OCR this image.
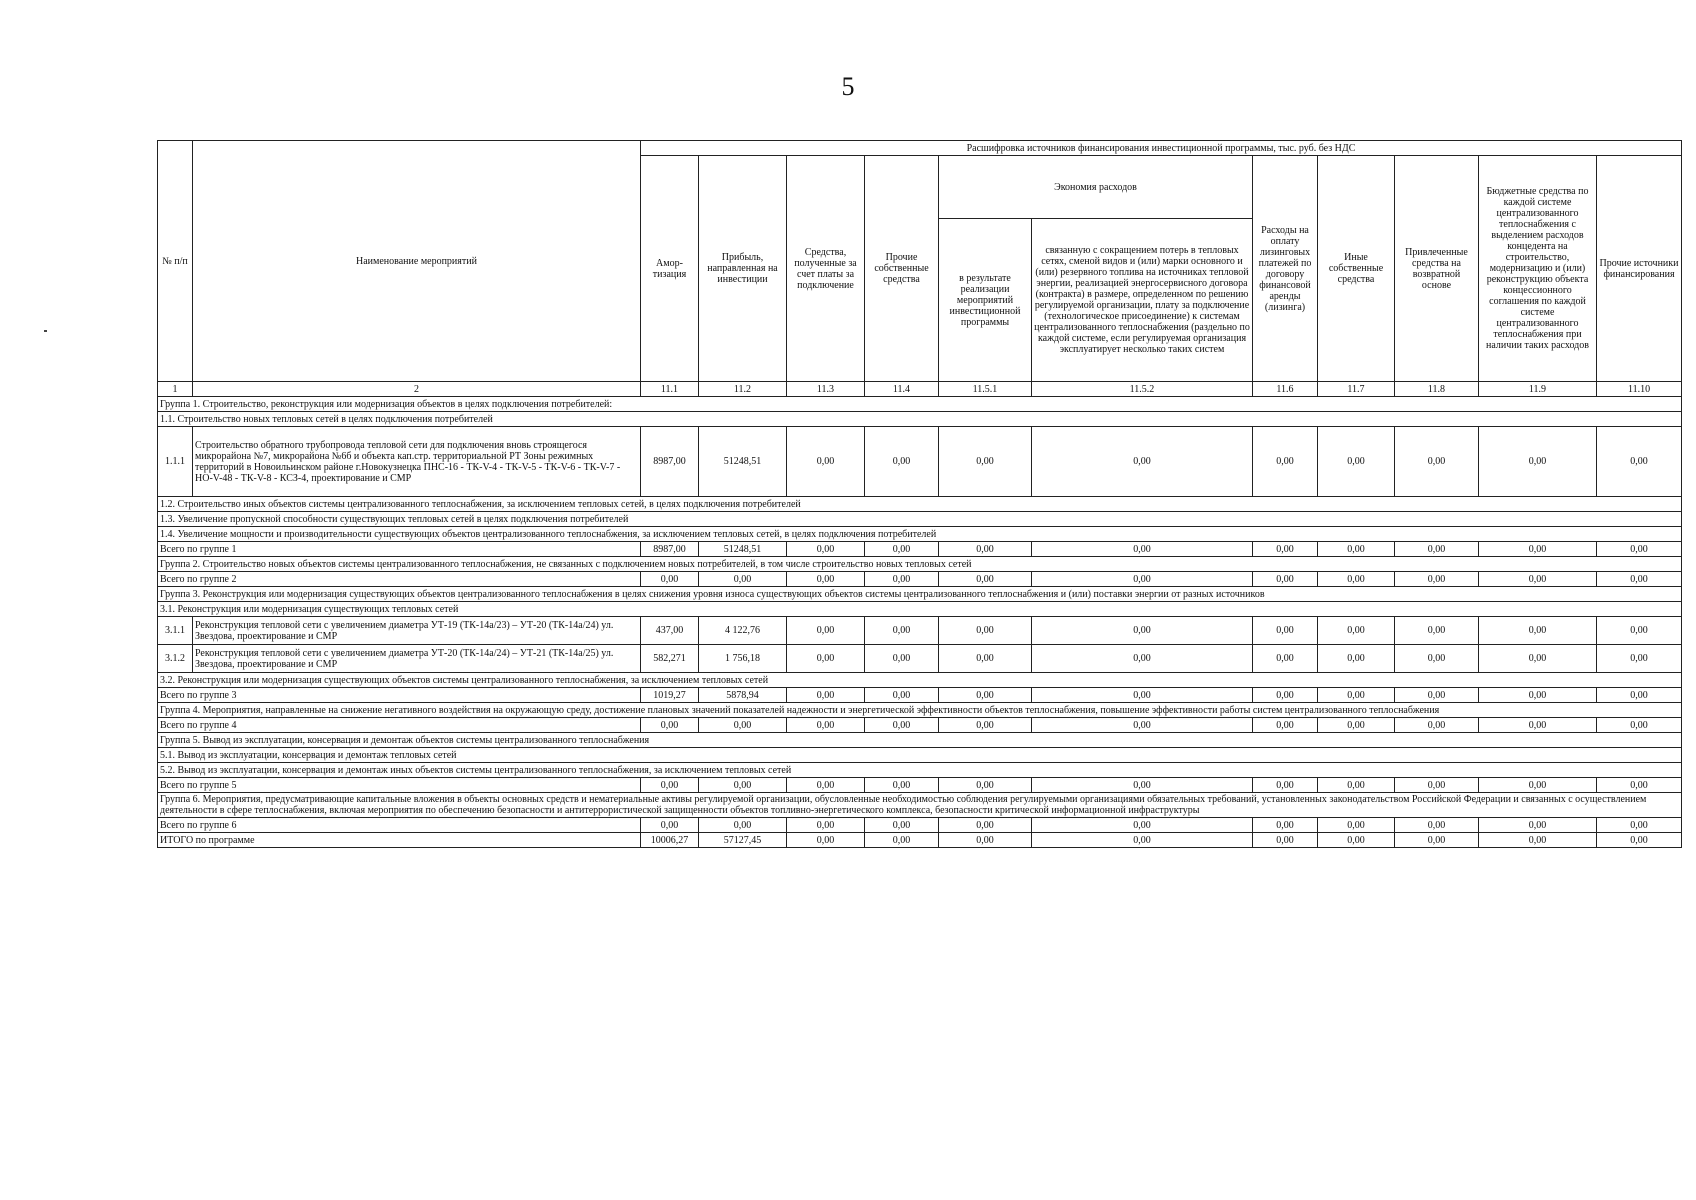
5
№ п/п	Наименование мероприятий	Расшифровка источников финансирования инвестиционной программы, тыс. руб. без НДС										
		Амор-тизация	Прибыль, направленная на инвестиции	Средства, полученные за счет платы за подключение	Прочие собственные средства	Экономия расходов		Расходы на оплату лизинговых платежей по договору финансовой аренды (лизинга)	Иные собственные средства	Привлеченные средства на возвратной основе	Бюджетные средства по каждой системе централизованного теплоснабжения с выделением расходов концедента на строительство, модернизацию и (или) реконструкцию объекта концессионного соглашения по каждой системе централизованного теплоснабжения при наличии таких расходов	Прочие источники финансирования
						в результате реализации мероприятий инвестиционной программы	связанную с сокращением потерь в тепловых сетях, сменой видов и (или) марки основного и (или) резервного топлива на источниках тепловой энергии, реализацией энергосервисного договора (контракта) в размере, определенном по решению регулируемой организации, плату за подключение (технологическое присоединение) к системам централизованного теплоснабжения (раздельно по каждой системе, если регулируемая организация эксплуатирует несколько таких систем					
1	2	11.1	11.2	11.3	11.4	11.5.1	11.5.2	11.6	11.7	11.8	11.9	11.10
Группа 1. Строительство, реконструкция или модернизация объектов в целях подключения потребителей:												
1.1. Строительство новых тепловых сетей в целях подключения потребителей												
1.1.1	Строительство обратного трубопровода тепловой сети для подключения вновь строящегося микрорайона №7, микрорайона №6б и объекта кап.стр. территориальной РТ Зоны режимных территорий в Новоильинском районе г.Новокузнецка ПНС-16 - ТК-V-4 - ТК-V-5 - ТК-V-6 - ТК-V-7 - НО-V-48 - ТК-V-8 - КСЗ-4, проектирование и СМР	8987,00	51248,51	0,00	0,00	0,00	0,00	0,00	0,00	0,00	0,00	0,00
1.2. Строительство иных объектов системы централизованного теплоснабжения, за исключением тепловых сетей, в целях подключения потребителей												
1.3. Увеличение пропускной способности существующих тепловых сетей в целях подключения потребителей												
1.4. Увеличение мощности и производительности существующих объектов централизованного теплоснабжения, за исключением тепловых сетей, в целях подключения потребителей												
Всего по группе 1		8987,00	51248,51	0,00	0,00	0,00	0,00	0,00	0,00	0,00	0,00	0,00
Группа 2. Строительство новых объектов системы централизованного теплоснабжения, не связанных с подключением новых потребителей, в том числе строительство новых тепловых сетей												
Всего по группе 2		0,00	0,00	0,00	0,00	0,00	0,00	0,00	0,00	0,00	0,00	0,00
Группа 3. Реконструкция или модернизация существующих объектов централизованного теплоснабжения в целях снижения уровня износа существующих объектов системы централизованного теплоснабжения и (или) поставки энергии от разных источников												
3.1. Реконструкция или модернизация существующих тепловых сетей												
3.1.1	Реконструкция тепловой сети с увеличением диаметра УТ-19 (ТК-14а/23) – УТ-20 (ТК-14а/24) ул. Звездова, проектирование и СМР	437,00	4 122,76	0,00	0,00	0,00	0,00	0,00	0,00	0,00	0,00	0,00
3.1.2	Реконструкция тепловой сети с увеличением диаметра УТ-20 (ТК-14а/24) – УТ-21 (ТК-14а/25) ул. Звездова, проектирование и СМР	582,271	1 756,18	0,00	0,00	0,00	0,00	0,00	0,00	0,00	0,00	0,00
3.2. Реконструкция или модернизация существующих объектов системы централизованного теплоснабжения, за исключением тепловых сетей												
Всего по группе 3		1019,27	5878,94	0,00	0,00	0,00	0,00	0,00	0,00	0,00	0,00	0,00
Группа 4. Мероприятия, направленные на снижение негативного воздействия на окружающую среду, достижение плановых значений показателей надежности и энергетической эффективности объектов теплоснабжения, повышение эффективности работы систем централизованного теплоснабжения												
Всего по группе 4		0,00	0,00	0,00	0,00	0,00	0,00	0,00	0,00	0,00	0,00	0,00
Группа 5. Вывод из эксплуатации, консервация и демонтаж объектов системы централизованного теплоснабжения												
5.1. Вывод из эксплуатации, консервация и демонтаж тепловых сетей												
5.2. Вывод из эксплуатации, консервация и демонтаж иных объектов системы централизованного теплоснабжения, за исключением тепловых сетей												
Всего по группе 5		0,00	0,00	0,00	0,00	0,00	0,00	0,00	0,00	0,00	0,00	0,00
Группа 6. Мероприятия, предусматривающие капитальные вложения в объекты основных средств и нематериальные активы регулируемой организации, обусловленные необходимостью соблюдения регулируемыми организациями обязательных требований, установленных законодательством Российской Федерации и связанных с осуществлением деятельности в сфере теплоснабжения, включая мероприятия по обеспечению безопасности и антитеррористической защищенности объектов топливно-энергетического комплекса, безопасности критической информационной инфраструктуры												
Всего по группе 6		0,00	0,00	0,00	0,00	0,00	0,00	0,00	0,00	0,00	0,00	0,00
ИТОГО по программе		10006,27	57127,45	0,00	0,00	0,00	0,00	0,00	0,00	0,00	0,00	0,00
